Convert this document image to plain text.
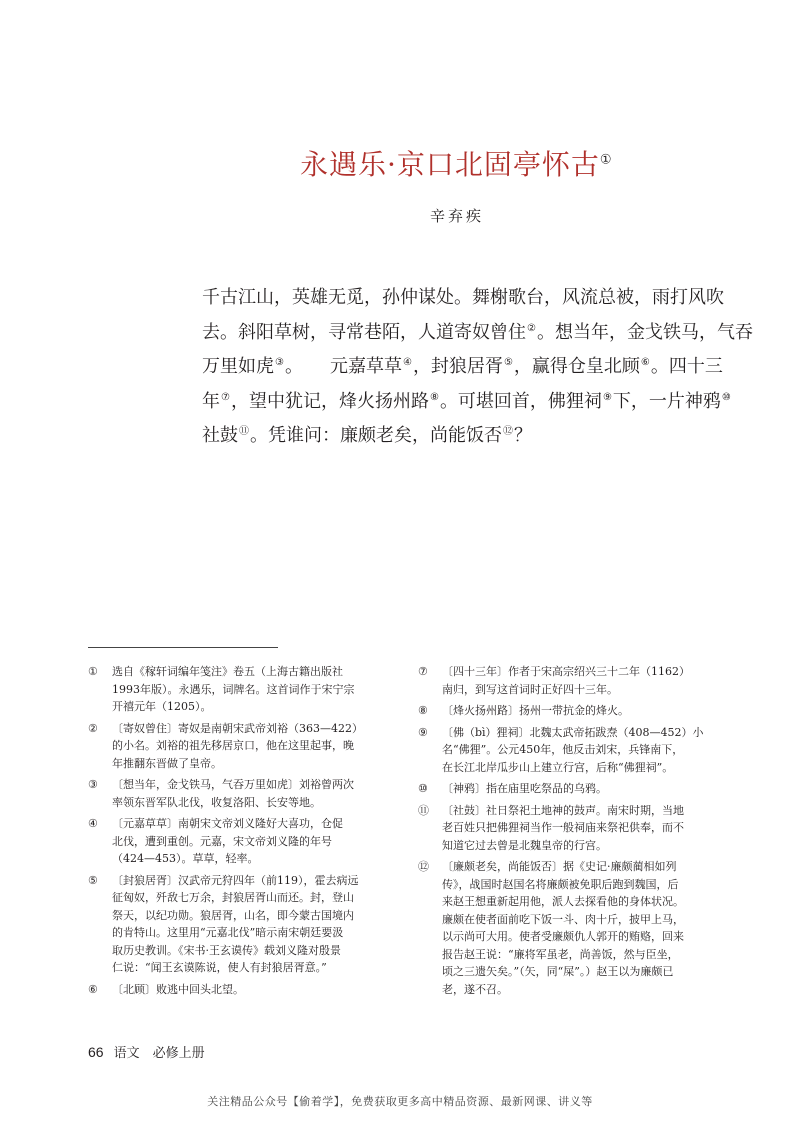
永遇乐·京口北固亭怀古①
辛弃疾
千古江山，英雄无觅，孙仲谋处。舞榭歌台，风流总被，雨打风吹
去。斜阳草树，寻常巷陌，人道寄奴曾住②。想当年，金戈铁马，气吞
万里如虎③。　　元嘉草草④，封狼居胥⑤，赢得仓皇北顾⑥。四十三
年⑦，望中犹记，烽火扬州路⑧。可堪回首，佛狸祠⑨下，一片神鸦⑩
社鼓⑪。凭谁问：廉颇老矣，尚能饭否⑫？
①	选自《稼轩词编年笺注》卷五（上海古籍出版社
1993年版）。永遇乐，词牌名。这首词作于宋宁宗
开禧元年（1205）。
②	〔寄奴曾住〕寄奴是南朝宋武帝刘裕（363—422）
的小名。刘裕的祖先移居京口，他在这里起事，晚
年推翻东晋做了皇帝。
③	〔想当年，金戈铁马，气吞万里如虎〕刘裕曾两次
率领东晋军队北伐，收复洛阳、长安等地。
④	〔元嘉草草〕南朝宋文帝刘义隆好大喜功，仓促
北伐，遭到重创。元嘉，宋文帝刘义隆的年号
（424—453）。草草，轻率。
⑤	〔封狼居胥〕汉武帝元狩四年（前119），霍去病远
征匈奴，歼敌七万余，封狼居胥山而还。封，登山
祭天，以纪功勋。狼居胥，山名，即今蒙古国境内
的肯特山。这里用“元嘉北伐”暗示南宋朝廷要汲
取历史教训。《宋书·王玄谟传》载刘义隆对殷景
仁说：“闻王玄谟陈说，使人有封狼居胥意。”
⑥	〔北顾〕败逃中回头北望。
⑦	〔四十三年〕作者于宋高宗绍兴三十二年（1162）
南归，到写这首词时正好四十三年。
⑧	〔烽火扬州路〕扬州一带抗金的烽火。
⑨	〔佛（bì）狸祠〕北魏太武帝拓跋焘（408—452）小
名“佛狸”。公元450年，他反击刘宋，兵锋南下，
在长江北岸瓜步山上建立行宫，后称“佛狸祠”。
⑩	〔神鸦〕指在庙里吃祭品的乌鸦。
⑪	〔社鼓〕社日祭祀土地神的鼓声。南宋时期，当地
老百姓只把佛狸祠当作一般祠庙来祭祀供奉，而不
知道它过去曾是北魏皇帝的行宫。
⑫	〔廉颇老矣，尚能饭否〕据《史记·廉颇蔺相如列
传》，战国时赵国名将廉颇被免职后跑到魏国，后
来赵王想重新起用他，派人去探看他的身体状况。
廉颇在使者面前吃下饭一斗、肉十斤，披甲上马，
以示尚可大用。使者受廉颇仇人郭开的贿赂，回来
报告赵王说：“廉将军虽老，尚善饭，然与臣坐，
顷之三遗矢矣。”（矢，同“屎”。）赵王以为廉颇已
老，遂不召。
66 语文　必修上册
关注精品公众号【偷着学】，免费获取更多高中精品资源、最新网课、讲义等
